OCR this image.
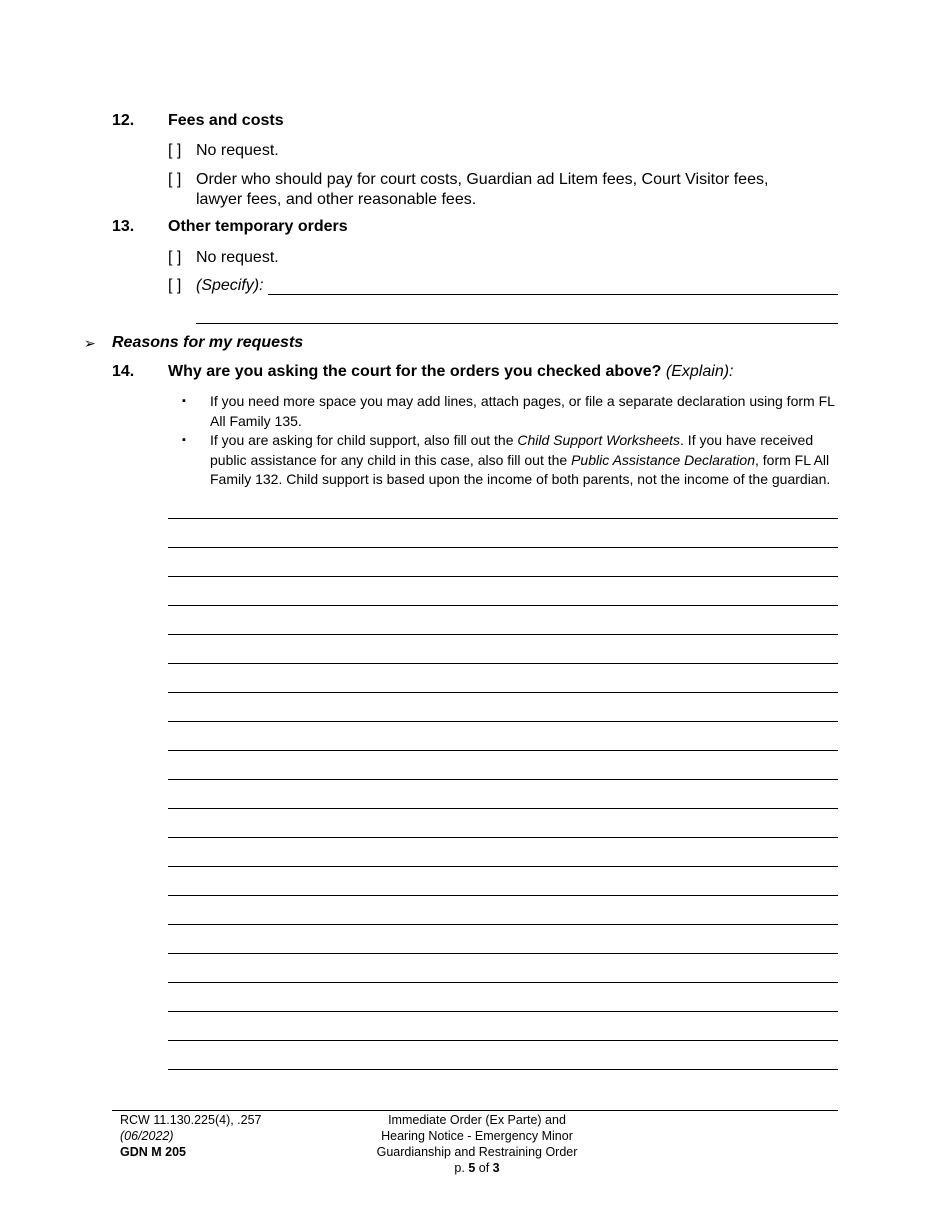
12. Fees and costs
[ ] No request.
[ ] Order who should pay for court costs, Guardian ad Litem fees, Court Visitor fees,
lawyer fees, and other reasonable fees.
13. Other temporary orders
[ ] No request.
[ ] (Specify):
➢ Reasons for my requests
14. Why are you asking the court for the orders you checked above? (Explain):
▪ If you need more space you may add lines, attach pages, or file a separate declaration using form FL
All Family 135.
▪ If you are asking for child support, also fill out the Child Support Worksheets. If you have received
public assistance for any child in this case, also fill out the Public Assistance Declaration, form FL All
Family 132. Child support is based upon the income of both parents, not the income of the guardian.
RCW 11.130.225(4), .257
(06/2022)
GDN M 205
Immediate Order (Ex Parte) and
Hearing Notice - Emergency Minor
Guardianship and Restraining Order
p. 5 of 3
